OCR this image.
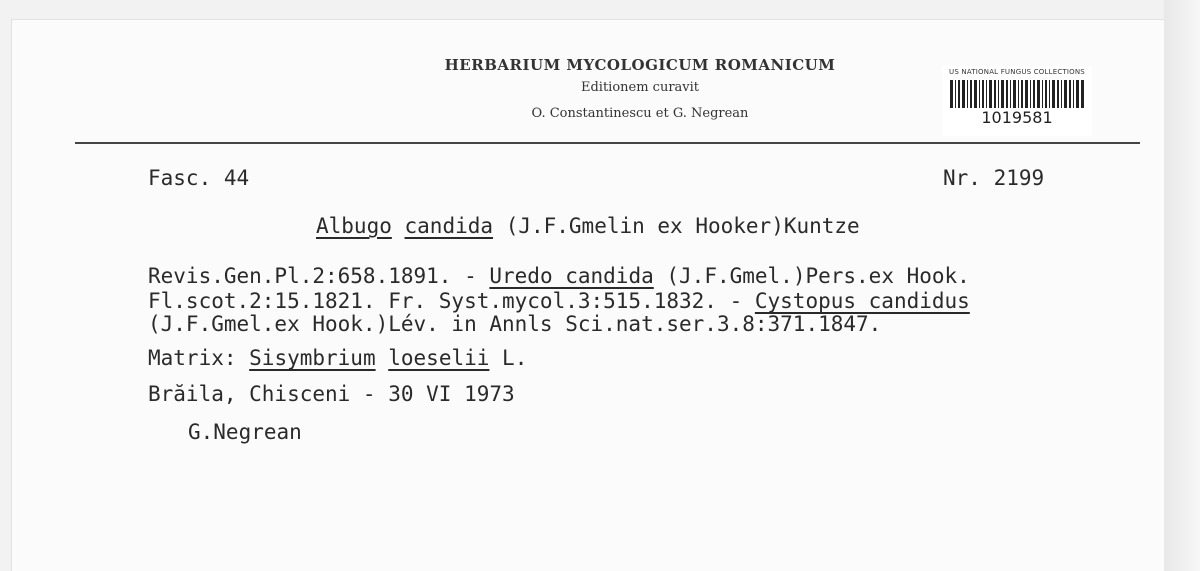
HERBARIUM MYCOLOGICUM ROMANICUM
Editionem curavit
O. Constantinescu et G. Negrean
US NATIONAL FUNGUS COLLECTIONS
1019581
Fasc. 44	Nr. 2199
Albugo candida (J.F.Gmelin ex Hooker)Kuntze
Revis.Gen.Pl.2:658.1891. - Uredo candida (J.F.Gmel.)Pers.ex Hook.
Fl.scot.2:15.1821. Fr. Syst.mycol.3:515.1832. - Cystopus candidus
(J.F.Gmel.ex Hook.)Lév. in Annls Sci.nat.ser.3.8:371.1847.
Matrix: Sisymbrium loeselii L.
Brăila, Chisceni - 30 VI 1973
G.Negrean
